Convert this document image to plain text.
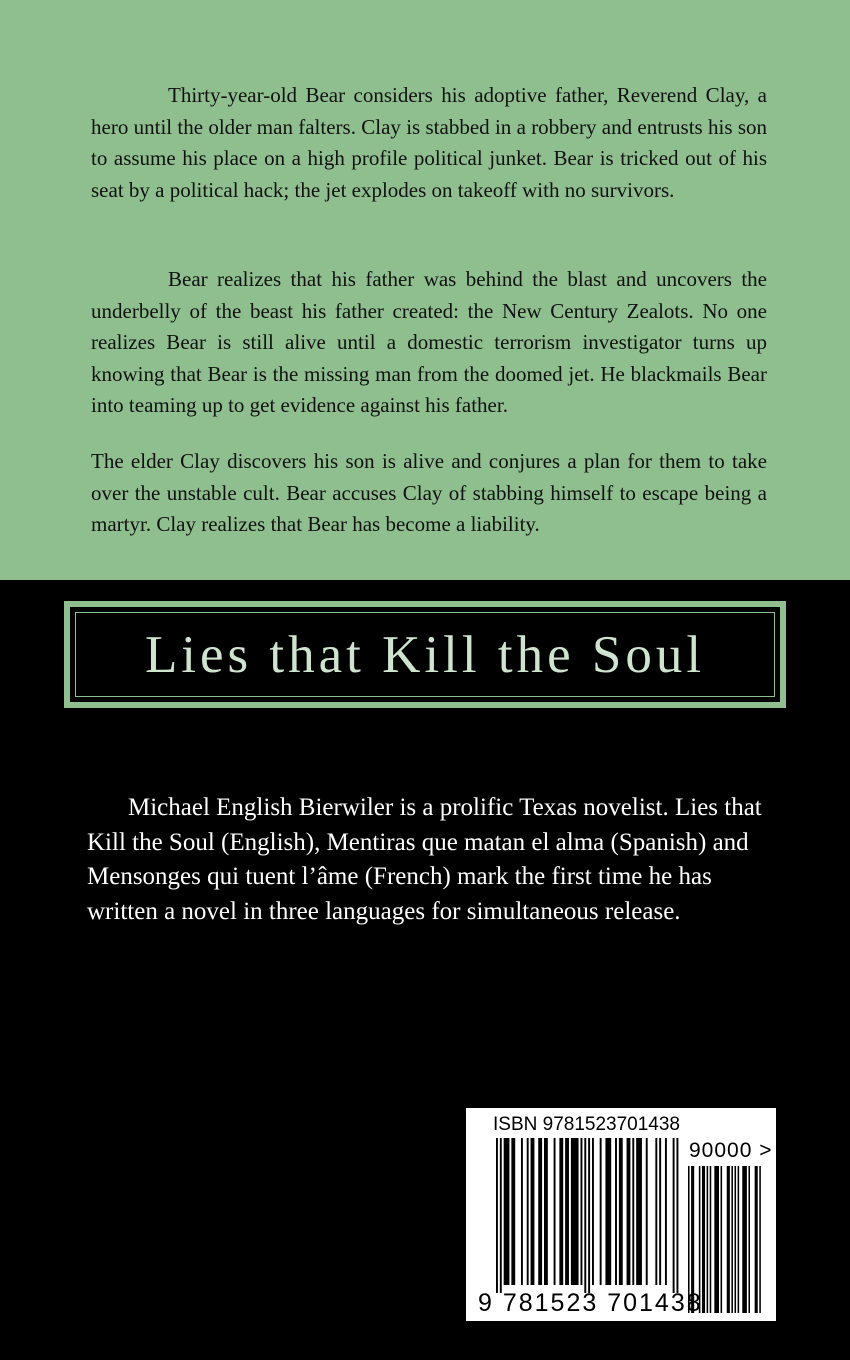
Thirty-year-old Bear considers his adoptive father, Reverend Clay, a hero until the older man falters. Clay is stabbed in a robbery and entrusts his son to assume his place on a high profile political junket. Bear is tricked out of his seat by a political hack; the jet explodes on takeoff with no survivors.

Bear realizes that his father was behind the blast and uncovers the underbelly of the beast his father created: the New Century Zealots. No one realizes Bear is still alive until a domestic terrorism investigator turns up knowing that Bear is the missing man from the doomed jet. He blackmails Bear into teaming up to get evidence against his father.

The elder Clay discovers his son is alive and conjures a plan for them to take over the unstable cult. Bear accuses Clay of stabbing himself to escape being a martyr. Clay realizes that Bear has become a liability.

Lies that Kill the Soul

Michael English Bierwiler is a prolific Texas novelist. Lies that Kill the Soul (English), Mentiras que matan el alma (Spanish) and Mensonges qui tuent l’âme (French) mark the first time he has written a novel in three languages for simultaneous release.

ISBN 9781523701438
90000 >
9 781523 701438
